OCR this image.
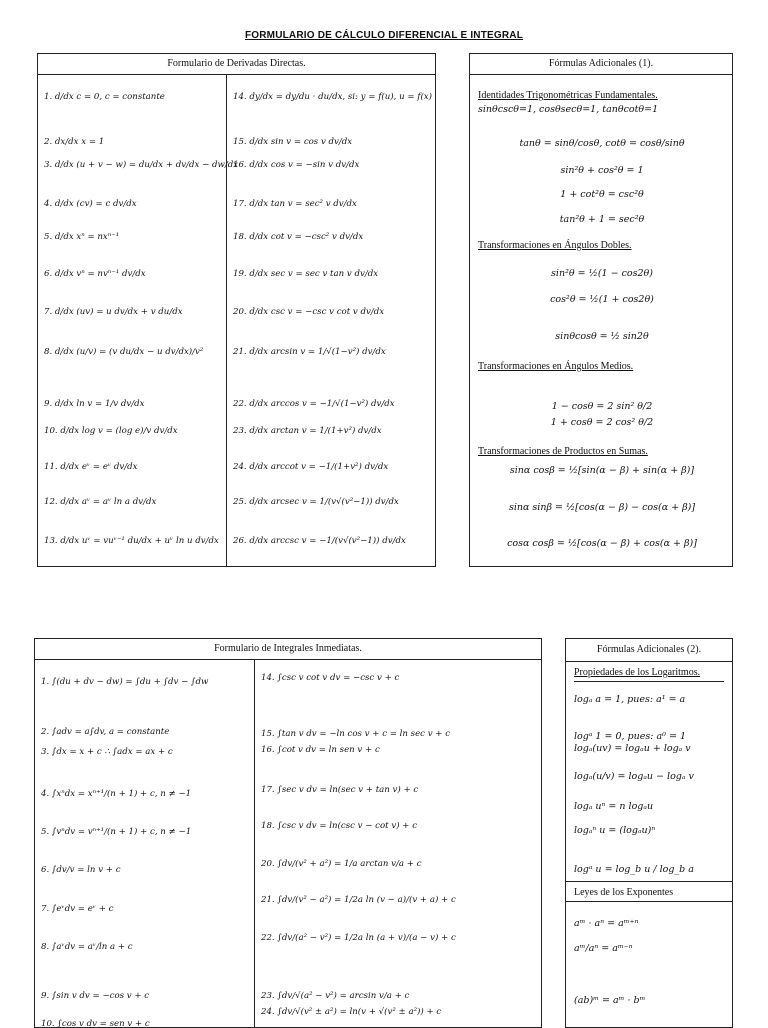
FORMULARIO DE CÁLCULO DIFERENCIAL E INTEGRAL
Formulario de Derivadas Directas.
1. d/dx c = 0, c = constante
2. dx/dx x = 1
3. d/dx (u + v − w) = du/dx + dv/dx − dw/dx
4. d/dx (cv) = c dv/dx
5. d/dx xⁿ = nxⁿ⁻¹
6. d/dx vⁿ = nvⁿ⁻¹ dv/dx
7. d/dx (uv) = u dv/dx + v du/dx
8. d/dx (u/v) = (v du/dx − u dv/dx)/v²
9. d/dx ln v = 1/v dv/dx
10. d/dx log v = (log e)/v dv/dx
11. d/dx eᵛ = eᵛ dv/dx
12. d/dx aᵛ = aᵛ ln a dv/dx
13. d/dx uᵛ = vuᵛ⁻¹ du/dx + uᵛ ln u dv/dx
14. dy/dx = dy/du · du/dx, si: y = f(u), u = f(x)
15. d/dx sin v = cos v dv/dx
16. d/dx cos v = −sin v dv/dx
17. d/dx tan v = sec² v dv/dx
18. d/dx cot v = −csc² v dv/dx
19. d/dx sec v = sec v tan v dv/dx
20. d/dx csc v = −csc v cot v dv/dx
21. d/dx arcsin v = 1/√(1−v²) dv/dx
22. d/dx arccos v = −1/√(1−v²) dv/dx
23. d/dx arctan v = 1/(1+v²) dv/dx
24. d/dx arccot v = −1/(1+v²) dv/dx
25. d/dx arcsec v = 1/(v√(v²−1)) dv/dx
26. d/dx arccsc v = −1/(v√(v²−1)) dv/dx
Fórmulas Adicionales (1).
Identidades Trigonométricas Fundamentales.
sinθcscθ=1, cosθsecθ=1, tanθcotθ=1
tanθ = sinθ/cosθ, cotθ = cosθ/sinθ
sin²θ + cos²θ = 1
1 + cot²θ = csc²θ
tan²θ + 1 = sec²θ
Transformaciones en Ángulos Dobles.
sin²θ = ½(1 − cos2θ)
cos²θ = ½(1 + cos2θ)
sinθcosθ = ½ sin2θ
Transformaciones en Ángulos Medios.
1 − cosθ = 2 sin² θ/2
1 + cosθ = 2 cos² θ/2
Transformaciones de Productos en Sumas.
sinα cosβ = ½[sin(α − β) + sin(α + β)]
sinα sinβ = ½[cos(α − β) − cos(α + β)]
cosα cosβ = ½[cos(α − β) + cos(α + β)]
Formulario de Integrales Inmediatas.
1. ∫(du + dv − dw) = ∫du + ∫dv − ∫dw
2. ∫adv = a∫dv, a = constante
3. ∫dx = x + c ∴ ∫adx = ax + c
4. ∫xⁿdx = xⁿ⁺¹/(n + 1) + c, n ≠ −1
5. ∫vⁿdv = vⁿ⁺¹/(n + 1) + c, n ≠ −1
6. ∫dv/v = ln v + c
7. ∫eᵛdv = eᵛ + c
8. ∫aᵛdv = aᵛ/ln a + c
9. ∫sin v dv = −cos v + c
10. ∫cos v dv = sen v + c
14. ∫csc v cot v dv = −csc v + c
15. ∫tan v dv = −ln cos v + c = ln sec v + c
16. ∫cot v dv = ln sen v + c
17. ∫sec v dv = ln(sec v + tan v) + c
18. ∫csc v dv = ln(csc v − cot v) + c
20. ∫dv/(v² + a²) = 1/a arctan v/a + c
21. ∫dv/(v² − a²) = 1/2a ln (v − a)/(v + a) + c
22. ∫dv/(a² − v²) = 1/2a ln (a + v)/(a − v) + c
23. ∫dv/√(a² − v²) = arcsin v/a + c
24. ∫dv/√(v² ± a²) = ln(v + √(v² ± a²)) + c
Fórmulas Adicionales (2).
Propiedades de los Logaritmos.
logₐ a = 1, pues: a¹ = a
logᵃ 1 = 0, pues: a⁰ = 1
logₐ(uv) = logₐu + logₐ v
logₐ(u/v) = logₐu − logₐ v
logₐ uⁿ = n logₐu
logₐⁿ u = (logₐu)ⁿ
logᵃ u = log_b u / log_b a
Leyes de los Exponentes
aᵐ · aⁿ = aᵐ⁺ⁿ
aᵐ/aⁿ = aᵐ⁻ⁿ
(ab)ᵐ = aᵐ · bᵐ
